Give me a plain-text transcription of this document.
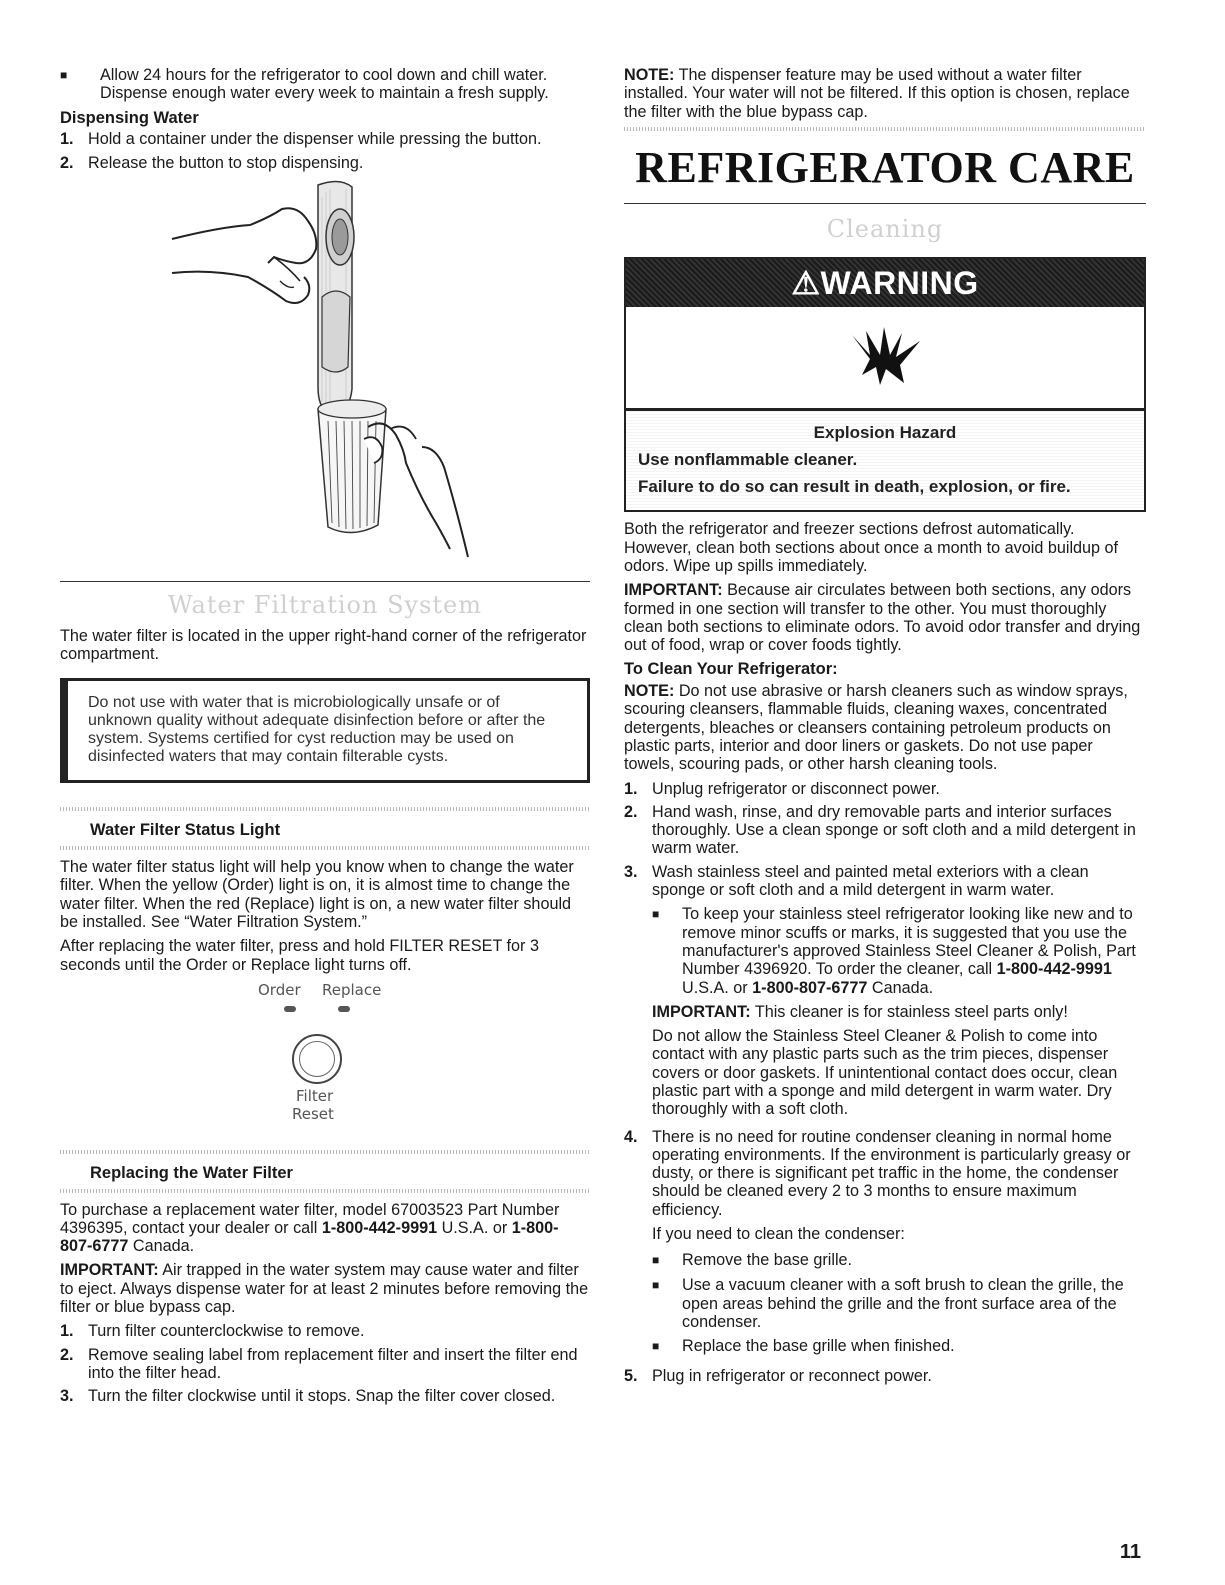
■	Allow 24 hours for the refrigerator to cool down and chill water. Dispense enough water every week to maintain a fresh supply.
Dispensing Water
1. Hold a container under the dispenser while pressing the button.
2. Release the button to stop dispensing.
Water Filtration System

The water filter is located in the upper right-hand corner of the refrigerator compartment.

Do not use with water that is microbiologically unsafe or of unknown quality without adequate disinfection before or after the system. Systems certified for cyst reduction may be used on disinfected waters that may contain filterable cysts.
Water Filter Status Light

The water filter status light will help you know when to change the water filter. When the yellow (Order) light is on, it is almost time to change the water filter. When the red (Replace) light is on, a new water filter should be installed. See “Water Filtration System.”

After replacing the water filter, press and hold FILTER RESET for 3 seconds until the Order or Replace light turns off.

Order Replace
Filter
Reset
Replacing the Water Filter

To purchase a replacement water filter, model 67003523 Part Number 4396395, contact your dealer or call 1-800-442-9991 U.S.A. or 1-800-807-6777 Canada.

IMPORTANT: Air trapped in the water system may cause water and filter to eject. Always dispense water for at least 2 minutes before removing the filter or blue bypass cap.

1. Turn filter counterclockwise to remove.
2. Remove sealing label from replacement filter and insert the filter end into the filter head.
3. Turn the filter clockwise until it stops. Snap the filter cover closed.

NOTE: The dispenser feature may be used without a water filter installed. Your water will not be filtered. If this option is chosen, replace the filter with the blue bypass cap.

REFRIGERATOR CARE
Cleaning
⚠WARNING
Explosion Hazard
Use nonflammable cleaner.
Failure to do so can result in death, explosion, or fire.

Both the refrigerator and freezer sections defrost automatically. However, clean both sections about once a month to avoid buildup of odors. Wipe up spills immediately.

IMPORTANT: Because air circulates between both sections, any odors formed in one section will transfer to the other. You must thoroughly clean both sections to eliminate odors. To avoid odor transfer and drying out of food, wrap or cover foods tightly.

To Clean Your Refrigerator:

NOTE: Do not use abrasive or harsh cleaners such as window sprays, scouring cleansers, flammable fluids, cleaning waxes, concentrated detergents, bleaches or cleansers containing petroleum products on plastic parts, interior and door liners or gaskets. Do not use paper towels, scouring pads, or other harsh cleaning tools.

1. Unplug refrigerator or disconnect power.
2. Hand wash, rinse, and dry removable parts and interior surfaces thoroughly. Use a clean sponge or soft cloth and a mild detergent in warm water.
3. Wash stainless steel and painted metal exteriors with a clean sponge or soft cloth and a mild detergent in warm water.
■	To keep your stainless steel refrigerator looking like new and to remove minor scuffs or marks, it is suggested that you use the manufacturer's approved Stainless Steel Cleaner & Polish, Part Number 4396920. To order the cleaner, call 1-800-442-9991 U.S.A. or 1-800-807-6777 Canada.
IMPORTANT: This cleaner is for stainless steel parts only!
Do not allow the Stainless Steel Cleaner & Polish to come into contact with any plastic parts such as the trim pieces, dispenser covers or door gaskets. If unintentional contact does occur, clean plastic part with a sponge and mild detergent in warm water. Dry thoroughly with a soft cloth.
4. There is no need for routine condenser cleaning in normal home operating environments. If the environment is particularly greasy or dusty, or there is significant pet traffic in the home, the condenser should be cleaned every 2 to 3 months to ensure maximum efficiency.
If you need to clean the condenser:
■	Remove the base grille.
■	Use a vacuum cleaner with a soft brush to clean the grille, the open areas behind the grille and the front surface area of the condenser.
■	Replace the base grille when finished.
5. Plug in refrigerator or reconnect power.
11
